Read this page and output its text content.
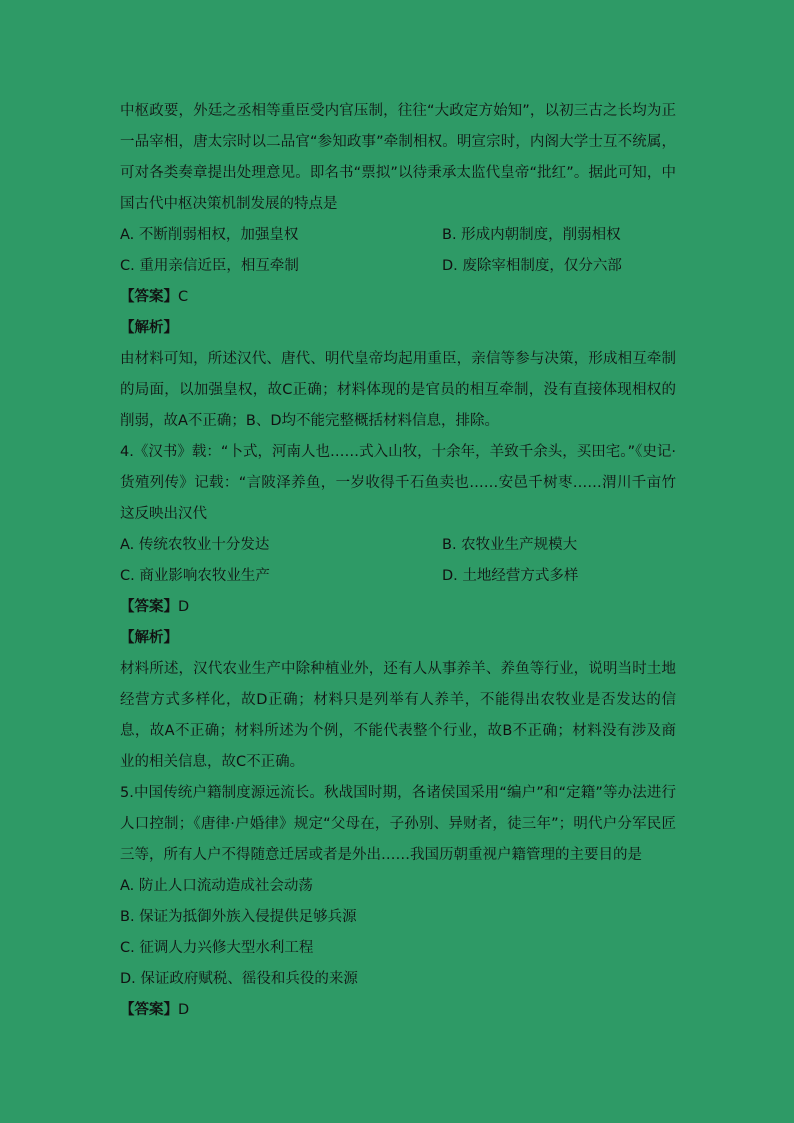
中枢政要，外廷之丞相等重臣受内官压制，往往“大政定方始知”，以初三古之长均为正一品宰相，唐太宗时以二品官“参知政事”牵制相权。明宣宗时，内阁大学士互不统属，可对各类奏章提出处理意见。即名书“票拟”以待秉承太监代皇帝“批红”。据此可知，中国古代中枢决策机制发展的特点是

A. 不断削弱相权，加强皇权	B. 形成内朝制度，削弱相权
C. 重用亲信近臣，相互牵制	D. 废除宰相制度，仅分六部
【答案】C
【解析】

由材料可知，所述汉代、唐代、明代皇帝均起用重臣，亲信等参与决策，形成相互牵制的局面，以加强皇权，故C正确；材料体现的是官员的相互牵制，没有直接体现相权的削弱，故A不正确；B、D均不能完整概括材料信息，排除。

4.《汉书》载：“卜式，河南人也……式入山牧，十余年，羊致千余头，买田宅。”《史记·货殖列传》记载：“言陂泽养鱼，一岁收得千石鱼卖也……安邑千树枣……渭川千亩竹这反映出汉代

A. 传统农牧业十分发达	B. 农牧业生产规模大
C. 商业影响农牧业生产	D. 土地经营方式多样
【答案】D
【解析】

材料所述，汉代农业生产中除种植业外，还有人从事养羊、养鱼等行业，说明当时土地经营方式多样化，故D正确；材料只是列举有人养羊，不能得出农牧业是否发达的信息，故A不正确；材料所述为个例，不能代表整个行业，故B不正确；材料没有涉及商业的相关信息，故C不正确。

5.中国传统户籍制度源远流长。秋战国时期，各诸侯国采用“编户”和“定籍”等办法进行人口控制；《唐律·户婚律》规定“父母在，子孙别、异财者，徒三年”；明代户分军民匠三等，所有人户不得随意迁居或者是外出……我国历朝重视户籍管理的主要目的是

A. 防止人口流动造成社会动荡
B. 保证为抵御外族入侵提供足够兵源
C. 征调人力兴修大型水利工程
D. 保证政府赋税、徭役和兵役的来源
【答案】D
